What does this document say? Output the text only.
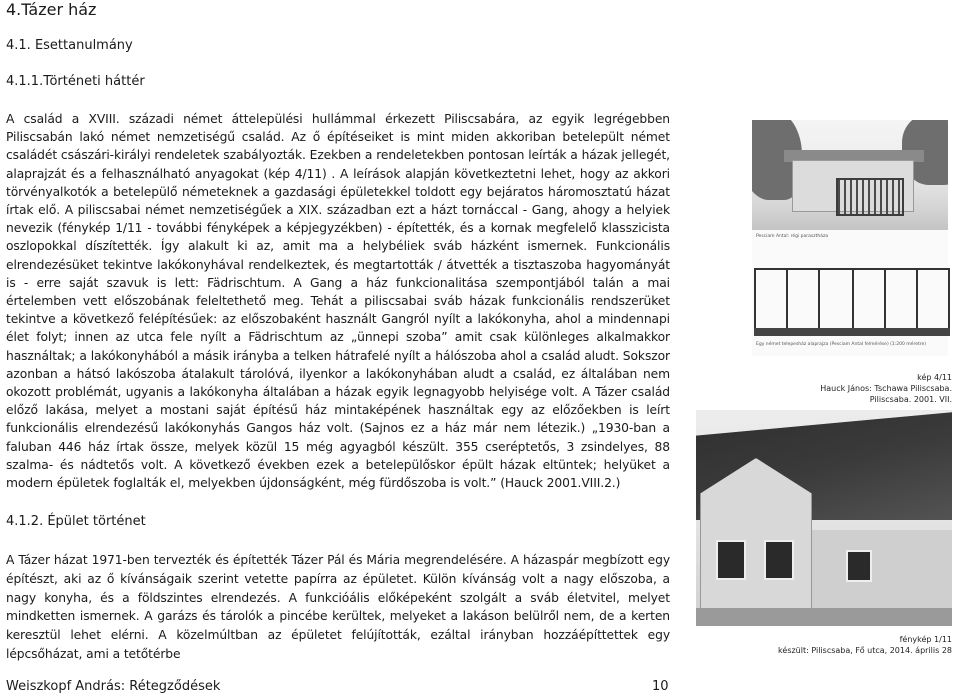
4.Tázer ház
4.1. Esettanulmány
4.1.1.Történeti háttér

A család a XVIII. századi német áttelepülési hullámmal érkezett Piliscsabára, az egyik legrégebben Piliscsabán lakó német nemzetiségű család. Az ő építéseiket is mint miden akkoriban betelepült német családét császári-királyi rendeletek szabályozták. Ezekben a rendeletekben pontosan leírták a házak jellegét, alaprajzát és a felhasználható anyagokat (kép 4/11) . A leírások alapján következtetni lehet, hogy az akkori törvényalkotók a betelepülő németeknek a gazdasági épületekkel toldott egy bejáratos háromosztatú házat írtak elő. A piliscsabai német nemzetiségűek a XIX. században ezt a házt tornáccal - Gang, ahogy a helyiek nevezik (fénykép 1/11 - további fényképek a képjegyzékben) - építették, és a kornak megfelelő klasszicista oszlopokkal díszítették. Így alakult ki az, amit ma a helybéliek sváb házként ismernek. Funkcionális elrendezésüket tekintve lakókonyhával rendelkeztek, és megtartották / átvették a tisztaszoba hagyományát is - erre saját szavuk is lett: Fädrischtum. A Gang a ház funkcionalitása szempontjából talán a mai értelemben vett előszobának feleltethető meg. Tehát a piliscsabai sváb házak funkcionális rendszerüket tekintve a következő felépítésűek: az előszobaként használt Gangról nyílt a lakókonyha, ahol a mindennapi élet folyt; innen az utca fele nyílt a Fädrischtum az „ünnepi szoba” amit csak különleges alkalmakkor használtak; a lakókonyhából a másik irányba a telken hátrafelé nyílt a hálószoba ahol a család aludt. Sokszor azonban a hátsó lakószoba átalakult tárolóvá, ilyenkor a lakókonyhában aludt a család, ez általában nem okozott problémát, ugyanis a lakókonyha általában a házak egyik legnagyobb helyisége volt. A Tázer család előző lakása, melyet a mostani saját építésű ház mintaképének használtak egy az előzőekben is leírt funkcionális elrendezésű lakókonyhás Gangos ház volt. (Sajnos ez a ház már nem létezik.) „1930-ban a faluban 446 ház írtak össze, melyek közül 15 még agyagból készült. 355 cseréptetős, 3 zsindelyes, 88 szalma- és nádtetős volt. A következő években ezek a betelepülőskor épült házak eltüntek; helyüket a modern épületek foglalták el, melyekben újdonságként, még fürdőszoba is volt.” (Hauck 2001.VIII.2.)

Pesciam Antal: régi parasztháza
Egy német telepesház alaprajza (Pesciam Antal felmérése) (1:200 méretre)
kép 4/11
Hauck János: Tschawa Piliscsaba.
Piliscsaba. 2001. VII.
fénykép 1/11
készült: Piliscsaba, Fő utca, 2014. április 28
4.1.2. Épület történet

A Tázer házat 1971-ben tervezték és építették Tázer Pál és Mária megrendelésére. A házaspár megbízott egy építészt, aki az ő kívánságaik szerint vetette papírra az épületet. Külön kívánság volt a nagy előszoba, a nagy konyha, és a földszintes elrendezés. A funkcióális előképeként szolgált a sváb életvitel, melyet mindketten ismernek. A garázs és tárolók a pincébe kerültek, melyeket a lakáson belülről nem, de a kerten keresztül lehet elérni. A közelmúltban az épületet felújították, ezáltal irányban hozzáépíttettek egy lépcsőházat, ami a tetőtérbe

Weiszkopf András: Rétegződések	10
